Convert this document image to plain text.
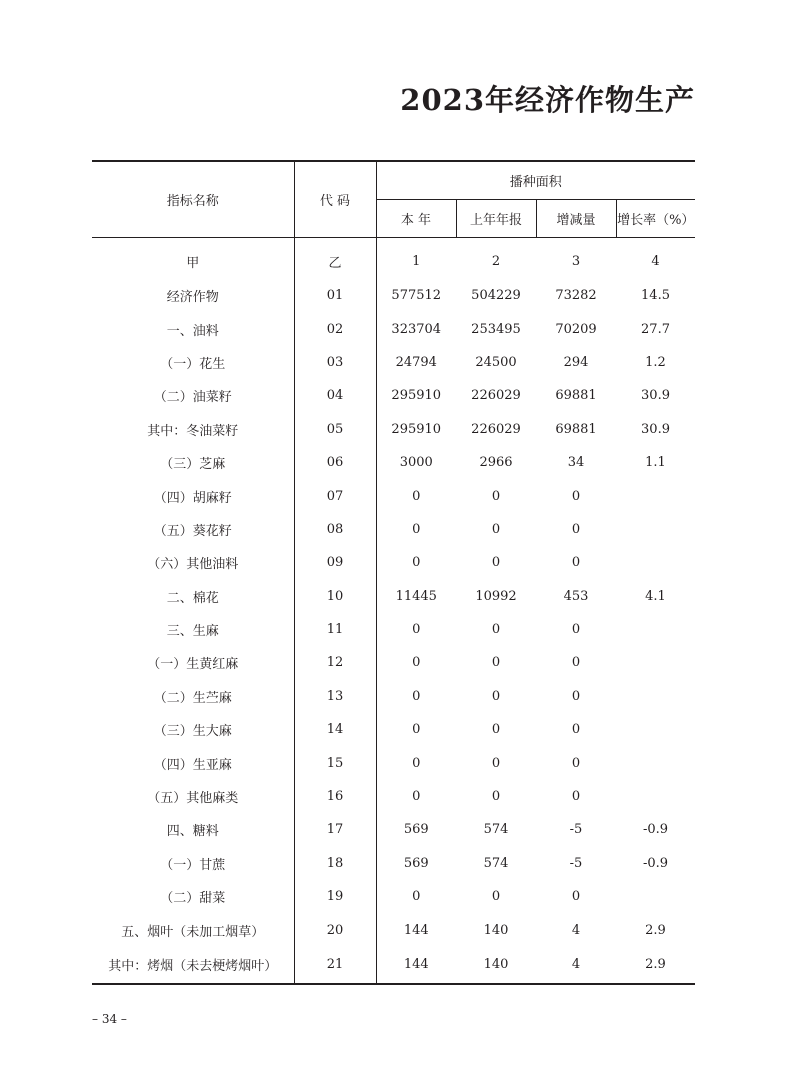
2023年经济作物生产
指标名称	代 码	播种面积			
		本 年	上年年报	增减量	增长率（%）
甲	乙	1	2	3	4
经济作物	01	577512	504229	73282	14.5
一、油料	02	323704	253495	70209	27.7
（一）花生	03	24794	24500	294	1.2
（二）油菜籽	04	295910	226029	69881	30.9
其中：冬油菜籽	05	295910	226029	69881	30.9
（三）芝麻	06	3000	2966	34	1.1
（四）胡麻籽	07	0	0	0	
（五）葵花籽	08	0	0	0	
（六）其他油料	09	0	0	0	
二、棉花	10	11445	10992	453	4.1
三、生麻	11	0	0	0	
（一）生黄红麻	12	0	0	0	
（二）生苎麻	13	0	0	0	
（三）生大麻	14	0	0	0	
（四）生亚麻	15	0	0	0	
（五）其他麻类	16	0	0	0	
四、糖料	17	569	574	-5	-0.9
（一）甘蔗	18	569	574	-5	-0.9
（二）甜菜	19	0	0	0	
五、烟叶（未加工烟草）	20	144	140	4	2.9
其中：烤烟（未去梗烤烟叶）	21	144	140	4	2.9
– 34 –
